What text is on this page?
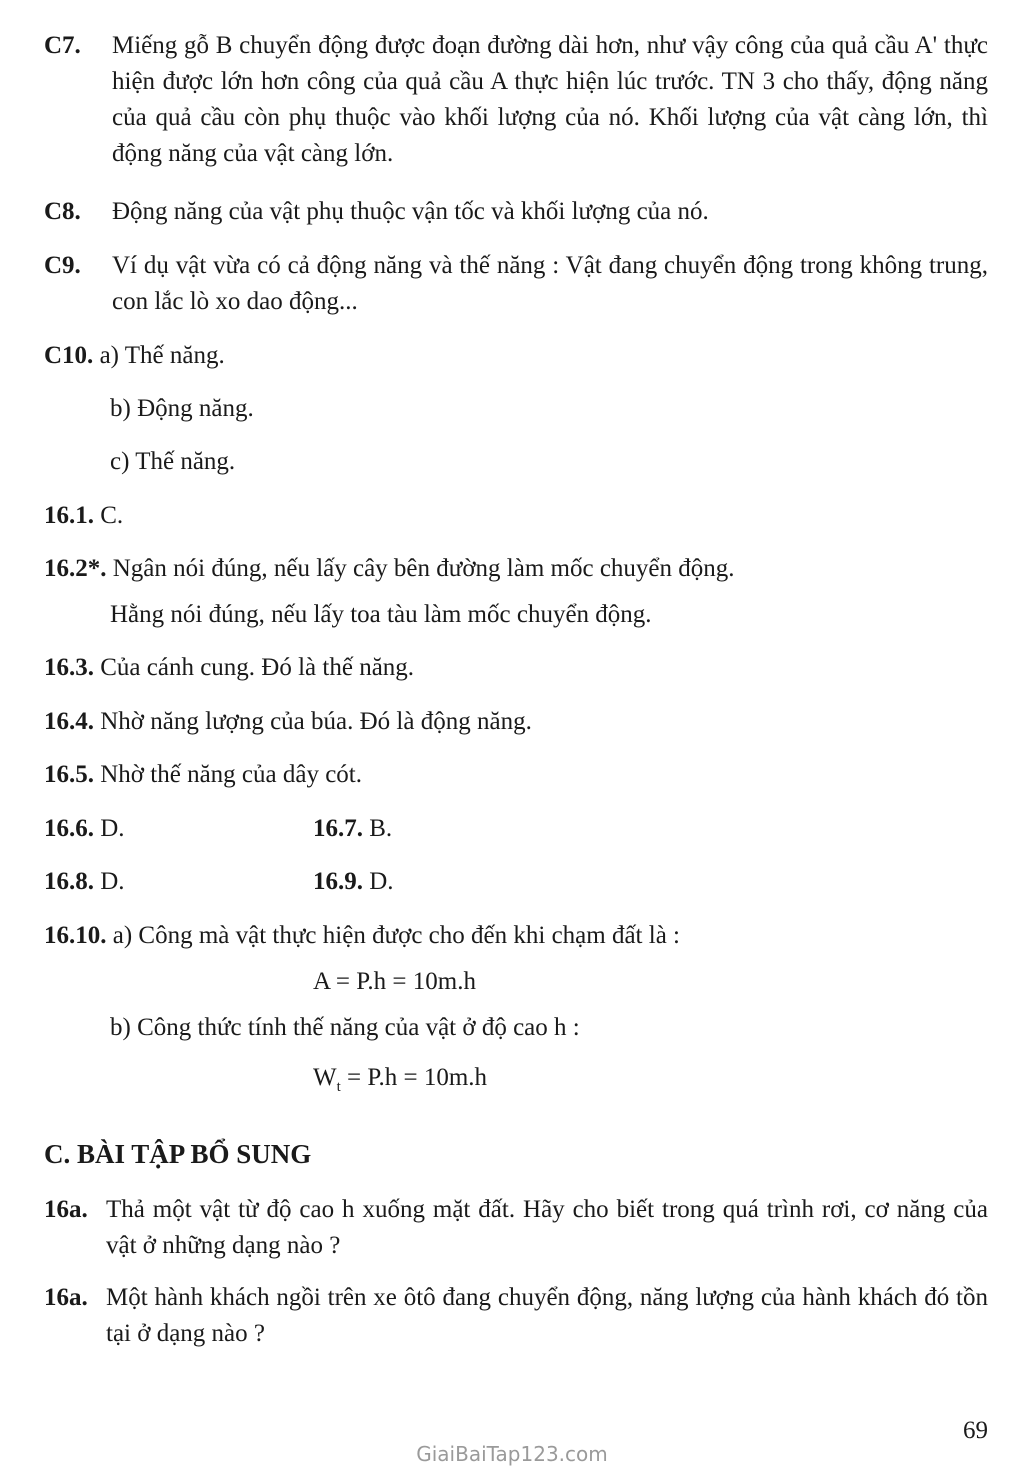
C7.	Miếng gỗ B chuyển động được đoạn đường dài hơn, như vậy công của quả cầu A' thực hiện được lớn hơn công của quả cầu A thực hiện lúc trước. TN 3 cho thấy, động năng của quả cầu còn phụ thuộc vào khối lượng của nó. Khối lượng của vật càng lớn, thì động năng của vật càng lớn.
C8.	Động năng của vật phụ thuộc vận tốc và khối lượng của nó.
C9.	Ví dụ vật vừa có cả động năng và thế năng : Vật đang chuyển động trong không trung, con lắc lò xo dao động...
C10. a) Thế năng.
b) Động năng.
c) Thế năng.
16.1. C.
16.2*. Ngân nói đúng, nếu lấy cây bên đường làm mốc chuyển động.
Hằng nói đúng, nếu lấy toa tàu làm mốc chuyển động.
16.3. Của cánh cung. Đó là thế năng.
16.4. Nhờ năng lượng của búa. Đó là động năng.
16.5. Nhờ thế năng của dây cót.
16.6. D.	16.7. B.
16.8. D.	16.9. D.
16.10. a) Công mà vật thực hiện được cho đến khi chạm đất là :
A = P.h = 10m.h
b) Công thức tính thế năng của vật ở độ cao h :
$W_t = P.h = 10m.h$
C. BÀI TẬP BỔ SUNG
16a. Thả một vật từ độ cao h xuống mặt đất. Hãy cho biết trong quá trình rơi, cơ năng của vật ở những dạng nào ?
16a. Một hành khách ngồi trên xe ôtô đang chuyển động, năng lượng của hành khách đó tồn tại ở dạng nào ?
69
GiaiBaiTap123.com
